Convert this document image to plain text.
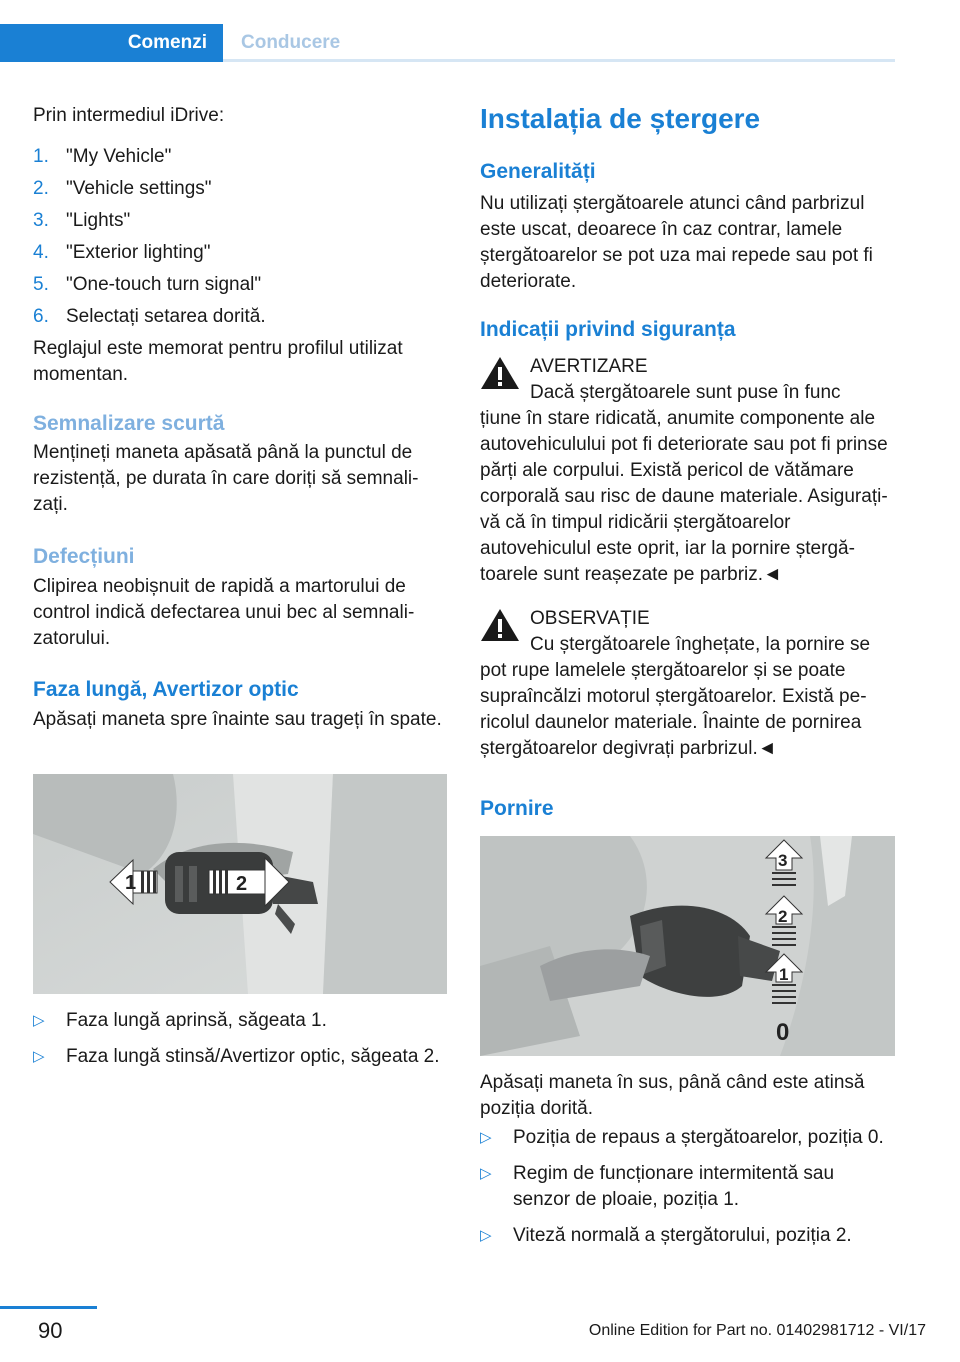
Comenzi Conducere

Prin intermediul iDrive:

1. "My Vehicle"
2. "Vehicle settings"
3. "Lights"
4. "Exterior lighting"
5. "One-touch turn signal"
6. Selectați setarea dorită.

Reglajul este memorat pentru profilul utilizat momentan.

Semnalizare scurtă

Mențineți maneta apăsată până la punctul de rezistență, pe durata în care doriți să semnalizați.

Defecțiuni

Clipirea neobișnuit de rapidă a martorului de control indică defectarea unui bec al semnalizatorului.

Faza lungă, Avertizor optic

Apăsați maneta spre înainte sau trageți în spate.

1	2
▷ Faza lungă aprinsă, săgeata 1.
▷ Faza lungă stinsă/Avertizor optic, săgeata 2.
Instalația de ștergere
Generalități

Nu utilizați ștergătoarele atunci când parbrizul este uscat, deoarece în caz contrar, lamele ștergătoarelor se pot uza mai repede sau pot fi deteriorate.

Indicații privind siguranța

AVERTIZARE

Dacă ștergătoarele sunt puse în func
țiune în stare ridicată, anumite componente ale autovehiculului pot fi deteriorate sau pot fi prinse părți ale corpului. Există pericol de vătămare corporală sau risc de daune materiale. Asigurați-vă că în timpul ridicării ștergătoarelor autovehiculul este oprit, iar la pornire ștergătoarele sunt reașezate pe parbriz.◄

OBSERVAȚIE

Cu ștergătoarele înghețate, la pornire se
pot rupe lamelele ștergătoarelor și se poate supraîncălzi motorul ștergătoarelor. Există pericolul daunelor materiale. Înainte de pornirea ștergătoarelor degivrați parbrizul.◄

Pornire
3
2
1
0

Apăsați maneta în sus, până când este atinsă poziția dorită.

▷ Poziția de repaus a ștergătoarelor, poziția 0.
▷ Regim de funcționare intermitentă sau senzor de ploaie, poziția 1.
▷ Viteză normală a ștergătorului, poziția 2.
90	Online Edition for Part no. 01402981712 - VI/17
